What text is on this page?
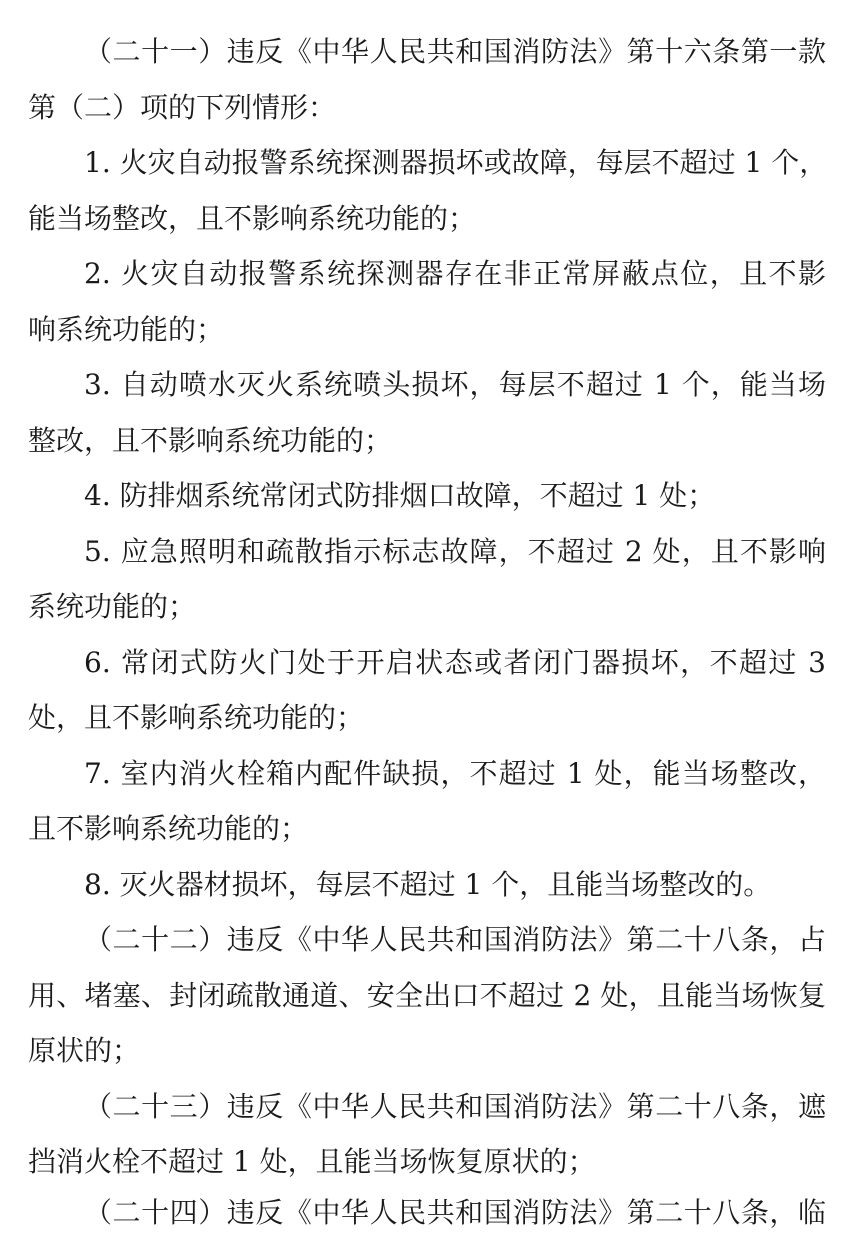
（二十一）违反《中华人民共和国消防法》第十六条第一款
第（二）项的下列情形：
1. 火灾自动报警系统探测器损坏或故障，每层不超过 1 个，
能当场整改，且不影响系统功能的；
2. 火灾自动报警系统探测器存在非正常屏蔽点位，且不影
响系统功能的；
3. 自动喷水灭火系统喷头损坏，每层不超过 1 个，能当场
整改，且不影响系统功能的；
4. 防排烟系统常闭式防排烟口故障，不超过 1 处；
5. 应急照明和疏散指示标志故障，不超过 2 处，且不影响
系统功能的；
6. 常闭式防火门处于开启状态或者闭门器损坏，不超过 3
处，且不影响系统功能的；
7. 室内消火栓箱内配件缺损，不超过 1 处，能当场整改，
且不影响系统功能的；
8. 灭火器材损坏，每层不超过 1 个，且能当场整改的。
（二十二）违反《中华人民共和国消防法》第二十八条，占
用、堵塞、封闭疏散通道、安全出口不超过 2 处，且能当场恢复
原状的；
（二十三）违反《中华人民共和国消防法》第二十八条，遮
挡消火栓不超过 1 处，且能当场恢复原状的；
（二十四）违反《中华人民共和国消防法》第二十八条，临
